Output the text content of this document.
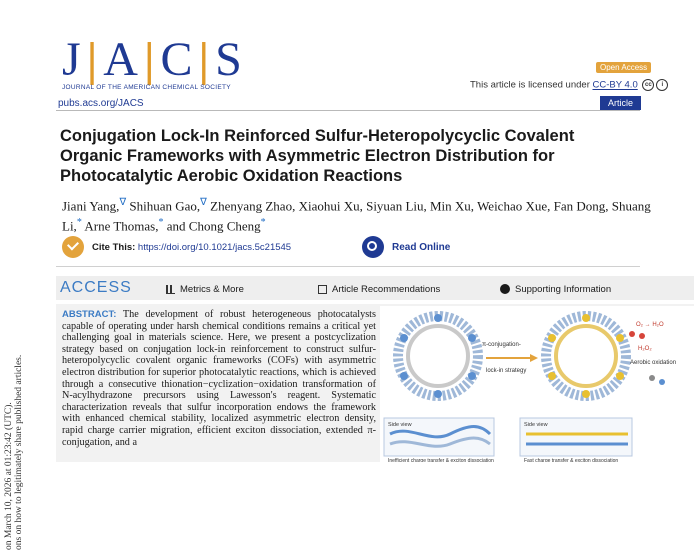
on March 10, 2026 at 01:23:42 (UTC). ons on how to legitimately share published articles.
J|A|C|S
JOURNAL OF THE AMERICAN CHEMICAL SOCIETY
pubs.acs.org/JACS
Open Access
This article is licensed under CC-BY 4.0 cc i
Article
Conjugation Lock-In Reinforced Sulfur-Heteropolycyclic Covalent Organic Frameworks with Asymmetric Electron Distribution for Photocatalytic Aerobic Oxidation Reactions
Jiani Yang,∇ Shihuan Gao,∇ Zhenyang Zhao, Xiaohui Xu, Siyuan Liu, Min Xu, Weichao Xue, Fan Dong, Shuang Li,* Arne Thomas,* and Chong Cheng*
Cite This: https://doi.org/10.1021/jacs.5c21545	Read Online
ACCESS	Metrics & More	Article Recommendations	Supporting Information
ABSTRACT: The development of robust heterogeneous photocatalysts capable of operating under harsh chemical conditions remains a critical yet challenging goal in materials science. Here, we present a postcyclization strategy based on conjugation lock-in reinforcement to construct sulfur-heteropolycyclic covalent organic frameworks (COFs) with asymmetric electron distribution for superior photocatalytic reactions, which is achieved through a consecutive thionation−cyclization−oxidation transformation of N-acylhydrazone precursors using Lawesson's reagent. Systematic characterization reveals that sulfur incorporation endows the framework with enhanced chemical stability, localized asymmetric electron density, rapid charge carrier migration, efficient exciton dissociation, extended π-conjugation, and a
π-conjugation-
lock-in strategy
O₂ → H₂O
H₂O₂
Aerobic oxidation
Side view
Inefficient charge transfer & exciton dissociation
Side view
Fast charge transfer & exciton dissociation
